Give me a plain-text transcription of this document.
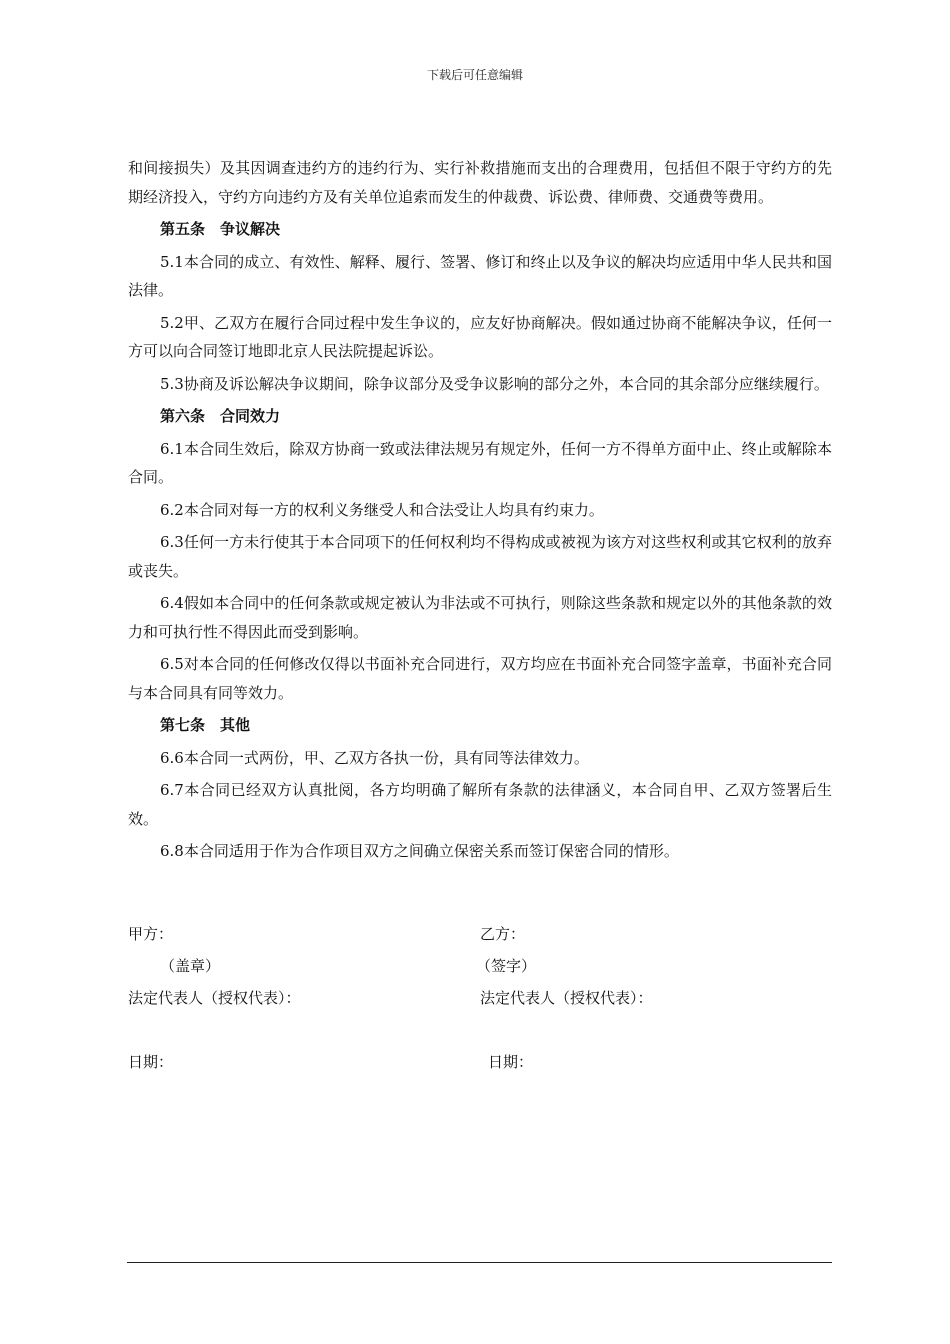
下载后可任意编辑

和间接损失）及其因调查违约方的违约行为、实行补救措施而支出的合理费用，包括但不限于守约方的先期经济投入，守约方向违约方及有关单位追索而发生的仲裁费、诉讼费、律师费、交通费等费用。

第五条　争议解决

5.1本合同的成立、有效性、解释、履行、签署、修订和终止以及争议的解决均应适用中华人民共和国法律。

5.2甲、乙双方在履行合同过程中发生争议的，应友好协商解决。假如通过协商不能解决争议，任何一方可以向合同签订地即北京人民法院提起诉讼。

5.3协商及诉讼解决争议期间，除争议部分及受争议影响的部分之外，本合同的其余部分应继续履行。

第六条　合同效力

6.1本合同生效后，除双方协商一致或法律法规另有规定外，任何一方不得单方面中止、终止或解除本合同。

6.2本合同对每一方的权利义务继受人和合法受让人均具有约束力。

6.3任何一方未行使其于本合同项下的任何权利均不得构成或被视为该方对这些权利或其它权利的放弃或丧失。

6.4假如本合同中的任何条款或规定被认为非法或不可执行，则除这些条款和规定以外的其他条款的效力和可执行性不得因此而受到影响。

6.5对本合同的任何修改仅得以书面补充合同进行，双方均应在书面补充合同签字盖章，书面补充合同与本合同具有同等效力。

第七条　其他

6.6本合同一式两份，甲、乙双方各执一份，具有同等法律效力。

6.7本合同已经双方认真批阅，各方均明确了解所有条款的法律涵义，本合同自甲、乙双方签署后生效。

6.8本合同适用于作为合作项目双方之间确立保密关系而签订保密合同的情形。

甲方：
（盖章）
法定代表人（授权代表）：
日期：
乙方：
（签字）
法定代表人（授权代表）：
日期：
